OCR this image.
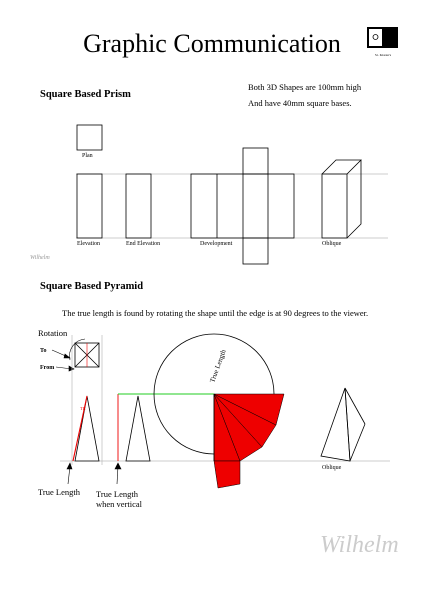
Graphic Communication	St. Kiaran's
Square Based Prism
Both 3D Shapes are 100mm high
And have 40mm square bases.
Plan
Elevation	End Elevation	Development	Oblique
Wilhelm
Square Based Pyramid
The true length is found by rotating the shape until the edge is at 90 degrees to the viewer.
Rotation
To
From
TL
True Length
Oblique
True Length True Length
when vertical
Wilhelm
